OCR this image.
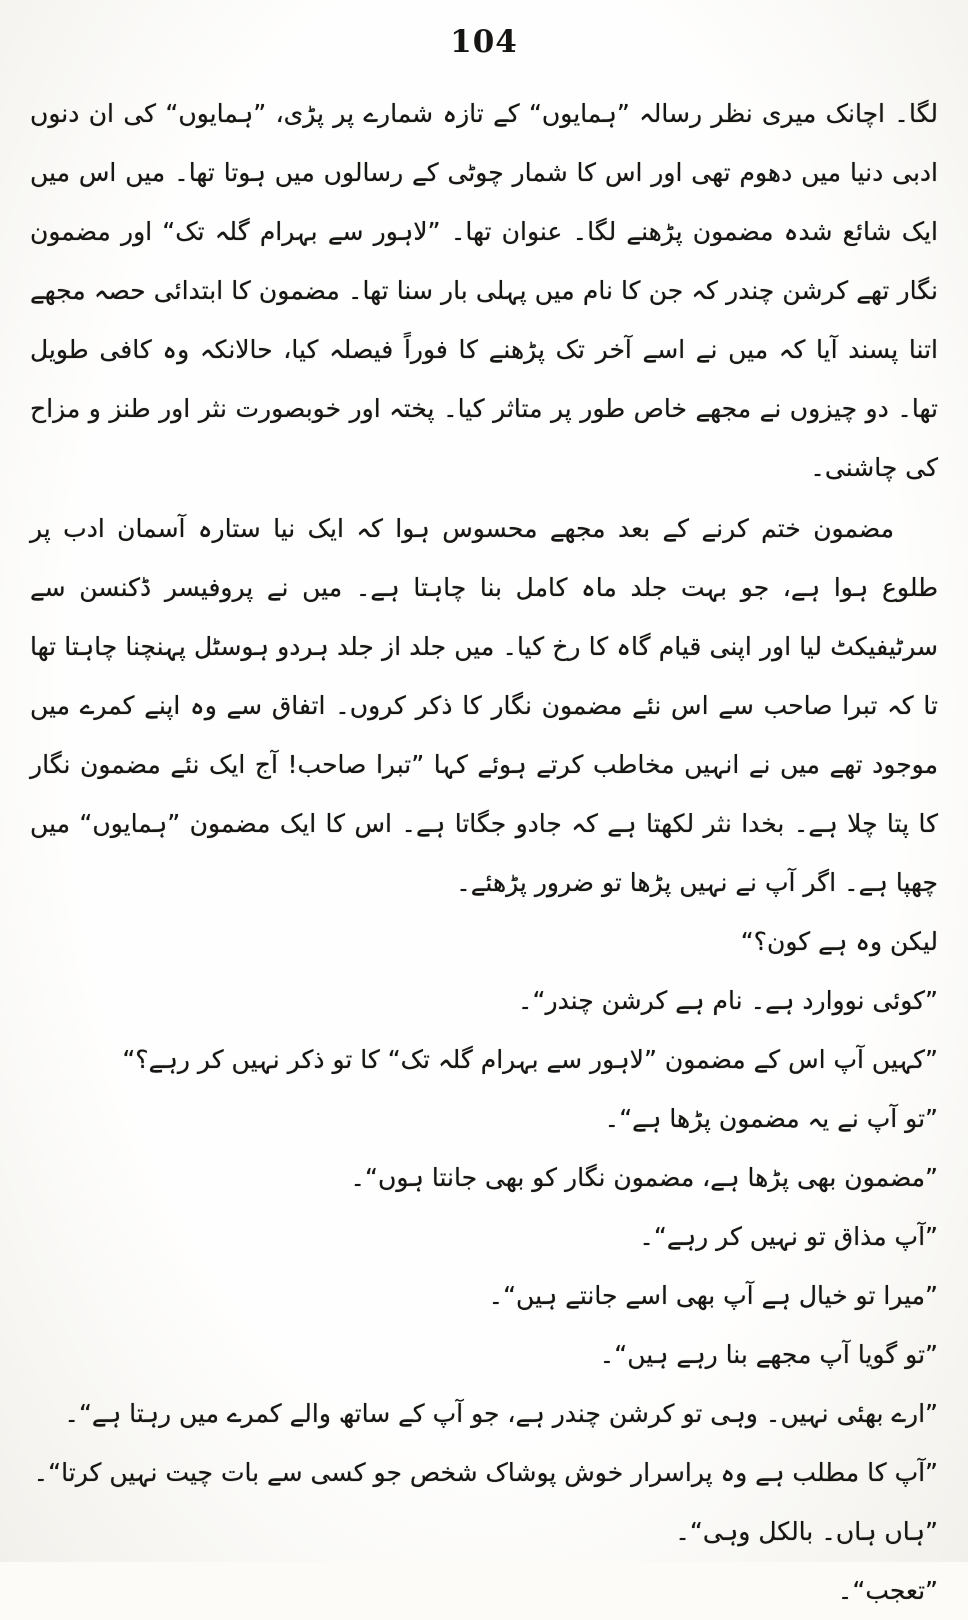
104

لگا۔ اچانک میری نظر رسالہ ”ہمایوں“ کے تازہ شمارے پر پڑی، ”ہمایوں“ کی ان دنوں ادبی دنیا میں دھوم تھی اور اس کا شمار چوٹی کے رسالوں میں ہوتا تھا۔ میں اس میں ایک شائع شدہ مضمون پڑھنے لگا۔ عنوان تھا۔ ”لاہور سے بہرام گلہ تک“ اور مضمون نگار تھے کرشن چندر کہ جن کا نام میں پہلی بار سنا تھا۔ مضمون کا ابتدائی حصہ مجھے اتنا پسند آیا کہ میں نے اسے آخر تک پڑھنے کا فوراً فیصلہ کیا، حالانکہ وہ کافی طویل تھا۔ دو چیزوں نے مجھے خاص طور پر متاثر کیا۔ پختہ اور خوبصورت نثر اور طنز و مزاح کی چاشنی۔

مضمون ختم کرنے کے بعد مجھے محسوس ہوا کہ ایک نیا ستارہ آسمان ادب پر طلوع ہوا ہے، جو بہت جلد ماہ کامل بنا چاہتا ہے۔ میں نے پروفیسر ڈکنسن سے سرٹیفیکٹ لیا اور اپنی قیام گاہ کا رخ کیا۔ میں جلد از جلد ہردو ہوسٹل پہنچنا چاہتا تھا تا کہ تبرا صاحب سے اس نئے مضمون نگار کا ذکر کروں۔ اتفاق سے وہ اپنے کمرے میں موجود تھے میں نے انہیں مخاطب کرتے ہوئے کہا ”تبرا صاحب! آج ایک نئے مضمون نگار کا پتا چلا ہے۔ بخدا نثر لکھتا ہے کہ جادو جگاتا ہے۔ اس کا ایک مضمون ”ہمایوں“ میں چھپا ہے۔ اگر آپ نے نہیں پڑھا تو ضرور پڑھئے۔

لیکن وہ ہے کون؟“

”کوئی نووارد ہے۔ نام ہے کرشن چندر“۔

”کہیں آپ اس کے مضمون ”لاہور سے بہرام گلہ تک“ کا تو ذکر نہیں کر رہے؟“

”تو آپ نے یہ مضمون پڑھا ہے“۔

”مضمون بھی پڑھا ہے، مضمون نگار کو بھی جانتا ہوں“۔

”آپ مذاق تو نہیں کر رہے“۔

”میرا تو خیال ہے آپ بھی اسے جانتے ہیں“۔

”تو گویا آپ مجھے بنا رہے ہیں“۔

”ارے بھئی نہیں۔ وہی تو کرشن چندر ہے، جو آپ کے ساتھ والے کمرے میں رہتا ہے“۔

”آپ کا مطلب ہے وہ پراسرار خوش پوشاک شخص جو کسی سے بات چیت نہیں کرتا“۔

”ہاں ہاں۔ بالکل وہی“۔

”تعجب“۔
